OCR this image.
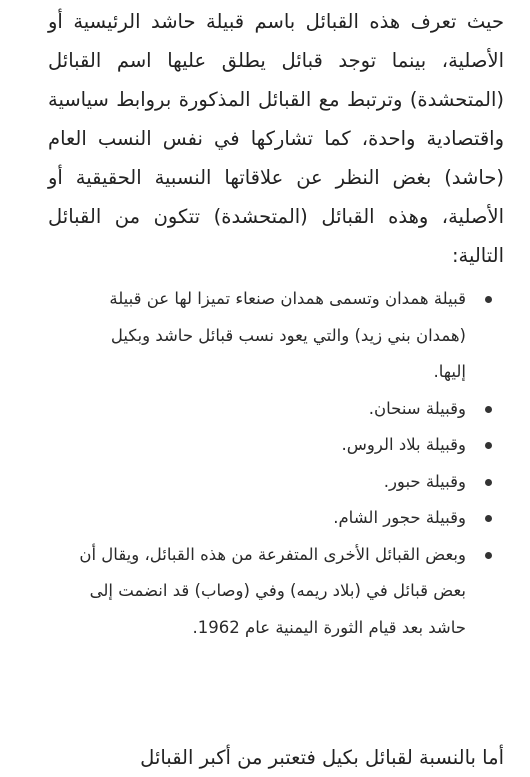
حيث تعرف هذه القبائل باسم قبيلة حاشد الرئيسية أو الأصلية، بينما توجد قبائل يطلق عليها اسم القبائل (المتحشدة) وترتبط مع القبائل المذكورة بروابط سياسية واقتصادية واحدة، كما تشاركها في نفس النسب العام (حاشد) بغض النظر عن علاقاتها النسبية الحقيقية أو الأصلية، وهذه القبائل (المتحشدة) تتكون من القبائل التالية:

قبيلة همدان وتسمى همدان صنعاء تميزا لها عن قبيلة (همدان بني زيد) والتي يعود نسب قبائل حاشد وبكيل إليها.
وقبيلة سنحان.
وقبيلة بلاد الروس.
وقبيلة حبور.
وقبيلة حجور الشام.
وبعض القبائل الأخرى المتفرعة من هذه القبائل، ويقال أن بعض قبائل في (بلاد ريمه) وفي (وصاب) قد انضمت إلى حاشد بعد قيام الثورة اليمنية عام 1962.
أما بالنسبة لقبائل بكيل فتعتبر من أكبر القبائل
